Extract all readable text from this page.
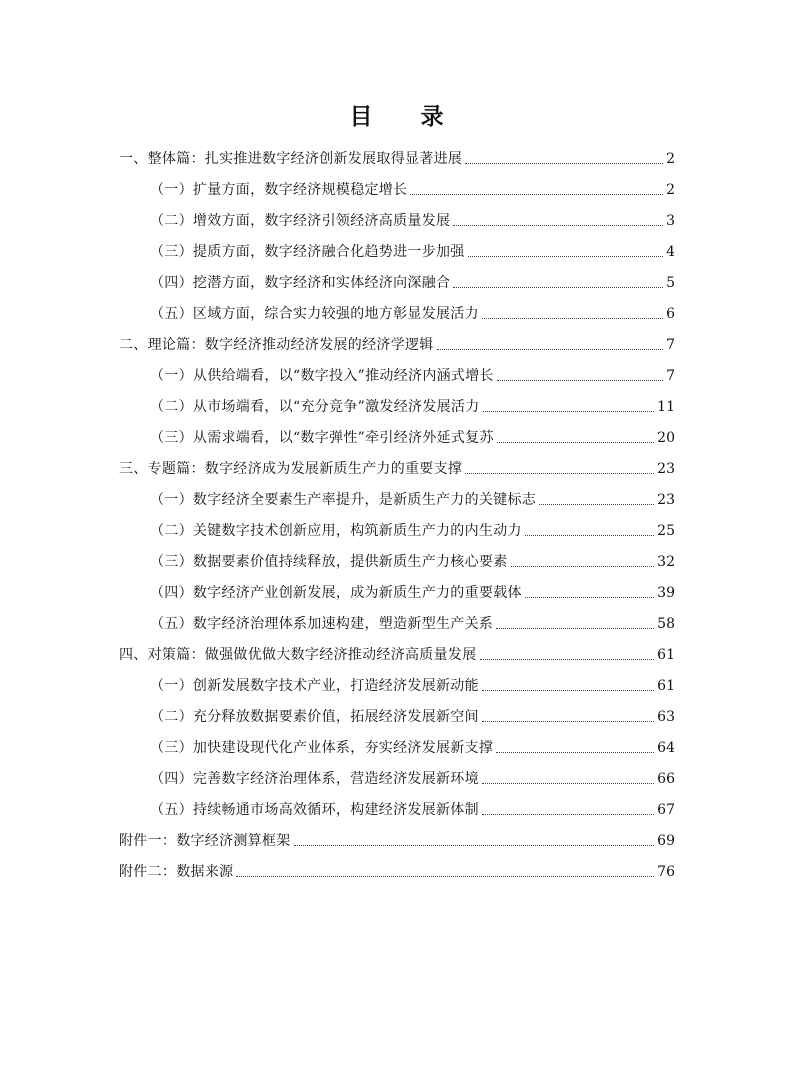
目 录
一、整体篇：扎实推进数字经济创新发展取得显著进展	2
（一）扩量方面，数字经济规模稳定增长	2
（二）增效方面，数字经济引领经济高质量发展	3
（三）提质方面，数字经济融合化趋势进一步加强	4
（四）挖潜方面，数字经济和实体经济向深融合	5
（五）区域方面，综合实力较强的地方彰显发展活力	6
二、理论篇：数字经济推动经济发展的经济学逻辑	7
（一）从供给端看，以“数字投入”推动经济内涵式增长	7
（二）从市场端看，以“充分竞争”激发经济发展活力	11
（三）从需求端看，以“数字弹性”牵引经济外延式复苏	20
三、专题篇：数字经济成为发展新质生产力的重要支撑	23
（一）数字经济全要素生产率提升，是新质生产力的关键标志	23
（二）关键数字技术创新应用，构筑新质生产力的内生动力	25
（三）数据要素价值持续释放，提供新质生产力核心要素	32
（四）数字经济产业创新发展，成为新质生产力的重要载体	39
（五）数字经济治理体系加速构建，塑造新型生产关系	58
四、对策篇：做强做优做大数字经济推动经济高质量发展	61
（一）创新发展数字技术产业，打造经济发展新动能	61
（二）充分释放数据要素价值，拓展经济发展新空间	63
（三）加快建设现代化产业体系，夯实经济发展新支撑	64
（四）完善数字经济治理体系，营造经济发展新环境	66
（五）持续畅通市场高效循环，构建经济发展新体制	67
附件一：数字经济测算框架	69
附件二：数据来源	76
